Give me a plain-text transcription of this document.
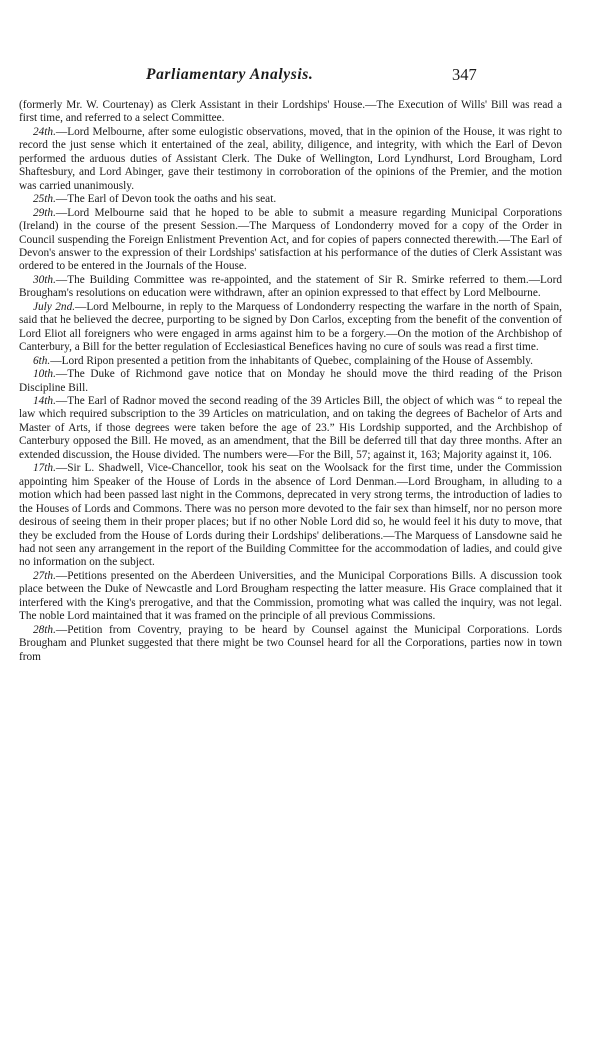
Parliamentary Analysis.	347

(formerly Mr. W. Courtenay) as Clerk Assistant in their Lordships' House.—The Execution of Wills' Bill was read a first time, and referred to a select Committee.

24th.—Lord Melbourne, after some eulogistic observations, moved, that in the opinion of the House, it was right to record the just sense which it entertained of the zeal, ability, diligence, and integrity, with which the Earl of Devon performed the arduous duties of Assistant Clerk. The Duke of Wellington, Lord Lyndhurst, Lord Brougham, Lord Shaftesbury, and Lord Abinger, gave their testimony in corroboration of the opinions of the Premier, and the motion was carried unanimously.

25th.—The Earl of Devon took the oaths and his seat.

29th.—Lord Melbourne said that he hoped to be able to submit a measure regarding Municipal Corporations (Ireland) in the course of the present Session.—The Marquess of Londonderry moved for a copy of the Order in Council suspending the Foreign Enlistment Prevention Act, and for copies of papers connected therewith.—The Earl of Devon's answer to the expression of their Lordships' satisfaction at his performance of the duties of Clerk Assistant was ordered to be entered in the Journals of the House.

30th.—The Building Committee was re-appointed, and the statement of Sir R. Smirke referred to them.—Lord Brougham's resolutions on education were withdrawn, after an opinion expressed to that effect by Lord Melbourne.

July 2nd.—Lord Melbourne, in reply to the Marquess of Londonderry respecting the warfare in the north of Spain, said that he believed the decree, purporting to be signed by Don Carlos, excepting from the benefit of the convention of Lord Eliot all foreigners who were engaged in arms against him to be a forgery.—On the motion of the Archbishop of Canterbury, a Bill for the better regulation of Ecclesiastical Benefices having no cure of souls was read a first time.

6th.—Lord Ripon presented a petition from the inhabitants of Quebec, complaining of the House of Assembly.

10th.—The Duke of Richmond gave notice that on Monday he should move the third reading of the Prison Discipline Bill.

14th.—The Earl of Radnor moved the second reading of the 39 Articles Bill, the object of which was “ to repeal the law which required subscription to the 39 Articles on matriculation, and on taking the degrees of Bachelor of Arts and Master of Arts, if those degrees were taken before the age of 23.” His Lordship supported, and the Archbishop of Canterbury opposed the Bill. He moved, as an amendment, that the Bill be deferred till that day three months. After an extended discussion, the House divided. The numbers were—For the Bill, 57; against it, 163; Majority against it, 106.

17th.—Sir L. Shadwell, Vice-Chancellor, took his seat on the Woolsack for the first time, under the Commission appointing him Speaker of the House of Lords in the absence of Lord Denman.—Lord Brougham, in alluding to a motion which had been passed last night in the Commons, deprecated in very strong terms, the introduction of ladies to the Houses of Lords and Commons. There was no person more devoted to the fair sex than himself, nor no person more desirous of seeing them in their proper places; but if no other Noble Lord did so, he would feel it his duty to move, that they be excluded from the House of Lords during their Lordships' deliberations.—The Marquess of Lansdowne said he had not seen any arrangement in the report of the Building Committee for the accommodation of ladies, and could give no information on the subject.

27th.—Petitions presented on the Aberdeen Universities, and the Municipal Corporations Bills. A discussion took place between the Duke of Newcastle and Lord Brougham respecting the latter measure. His Grace complained that it interfered with the King's prerogative, and that the Commission, promoting what was called the inquiry, was not legal. The noble Lord maintained that it was framed on the principle of all previous Commissions.

28th.—Petition from Coventry, praying to be heard by Counsel against the Municipal Corporations. Lords Brougham and Plunket suggested that there might be two Counsel heard for all the Corporations, parties now in town from
